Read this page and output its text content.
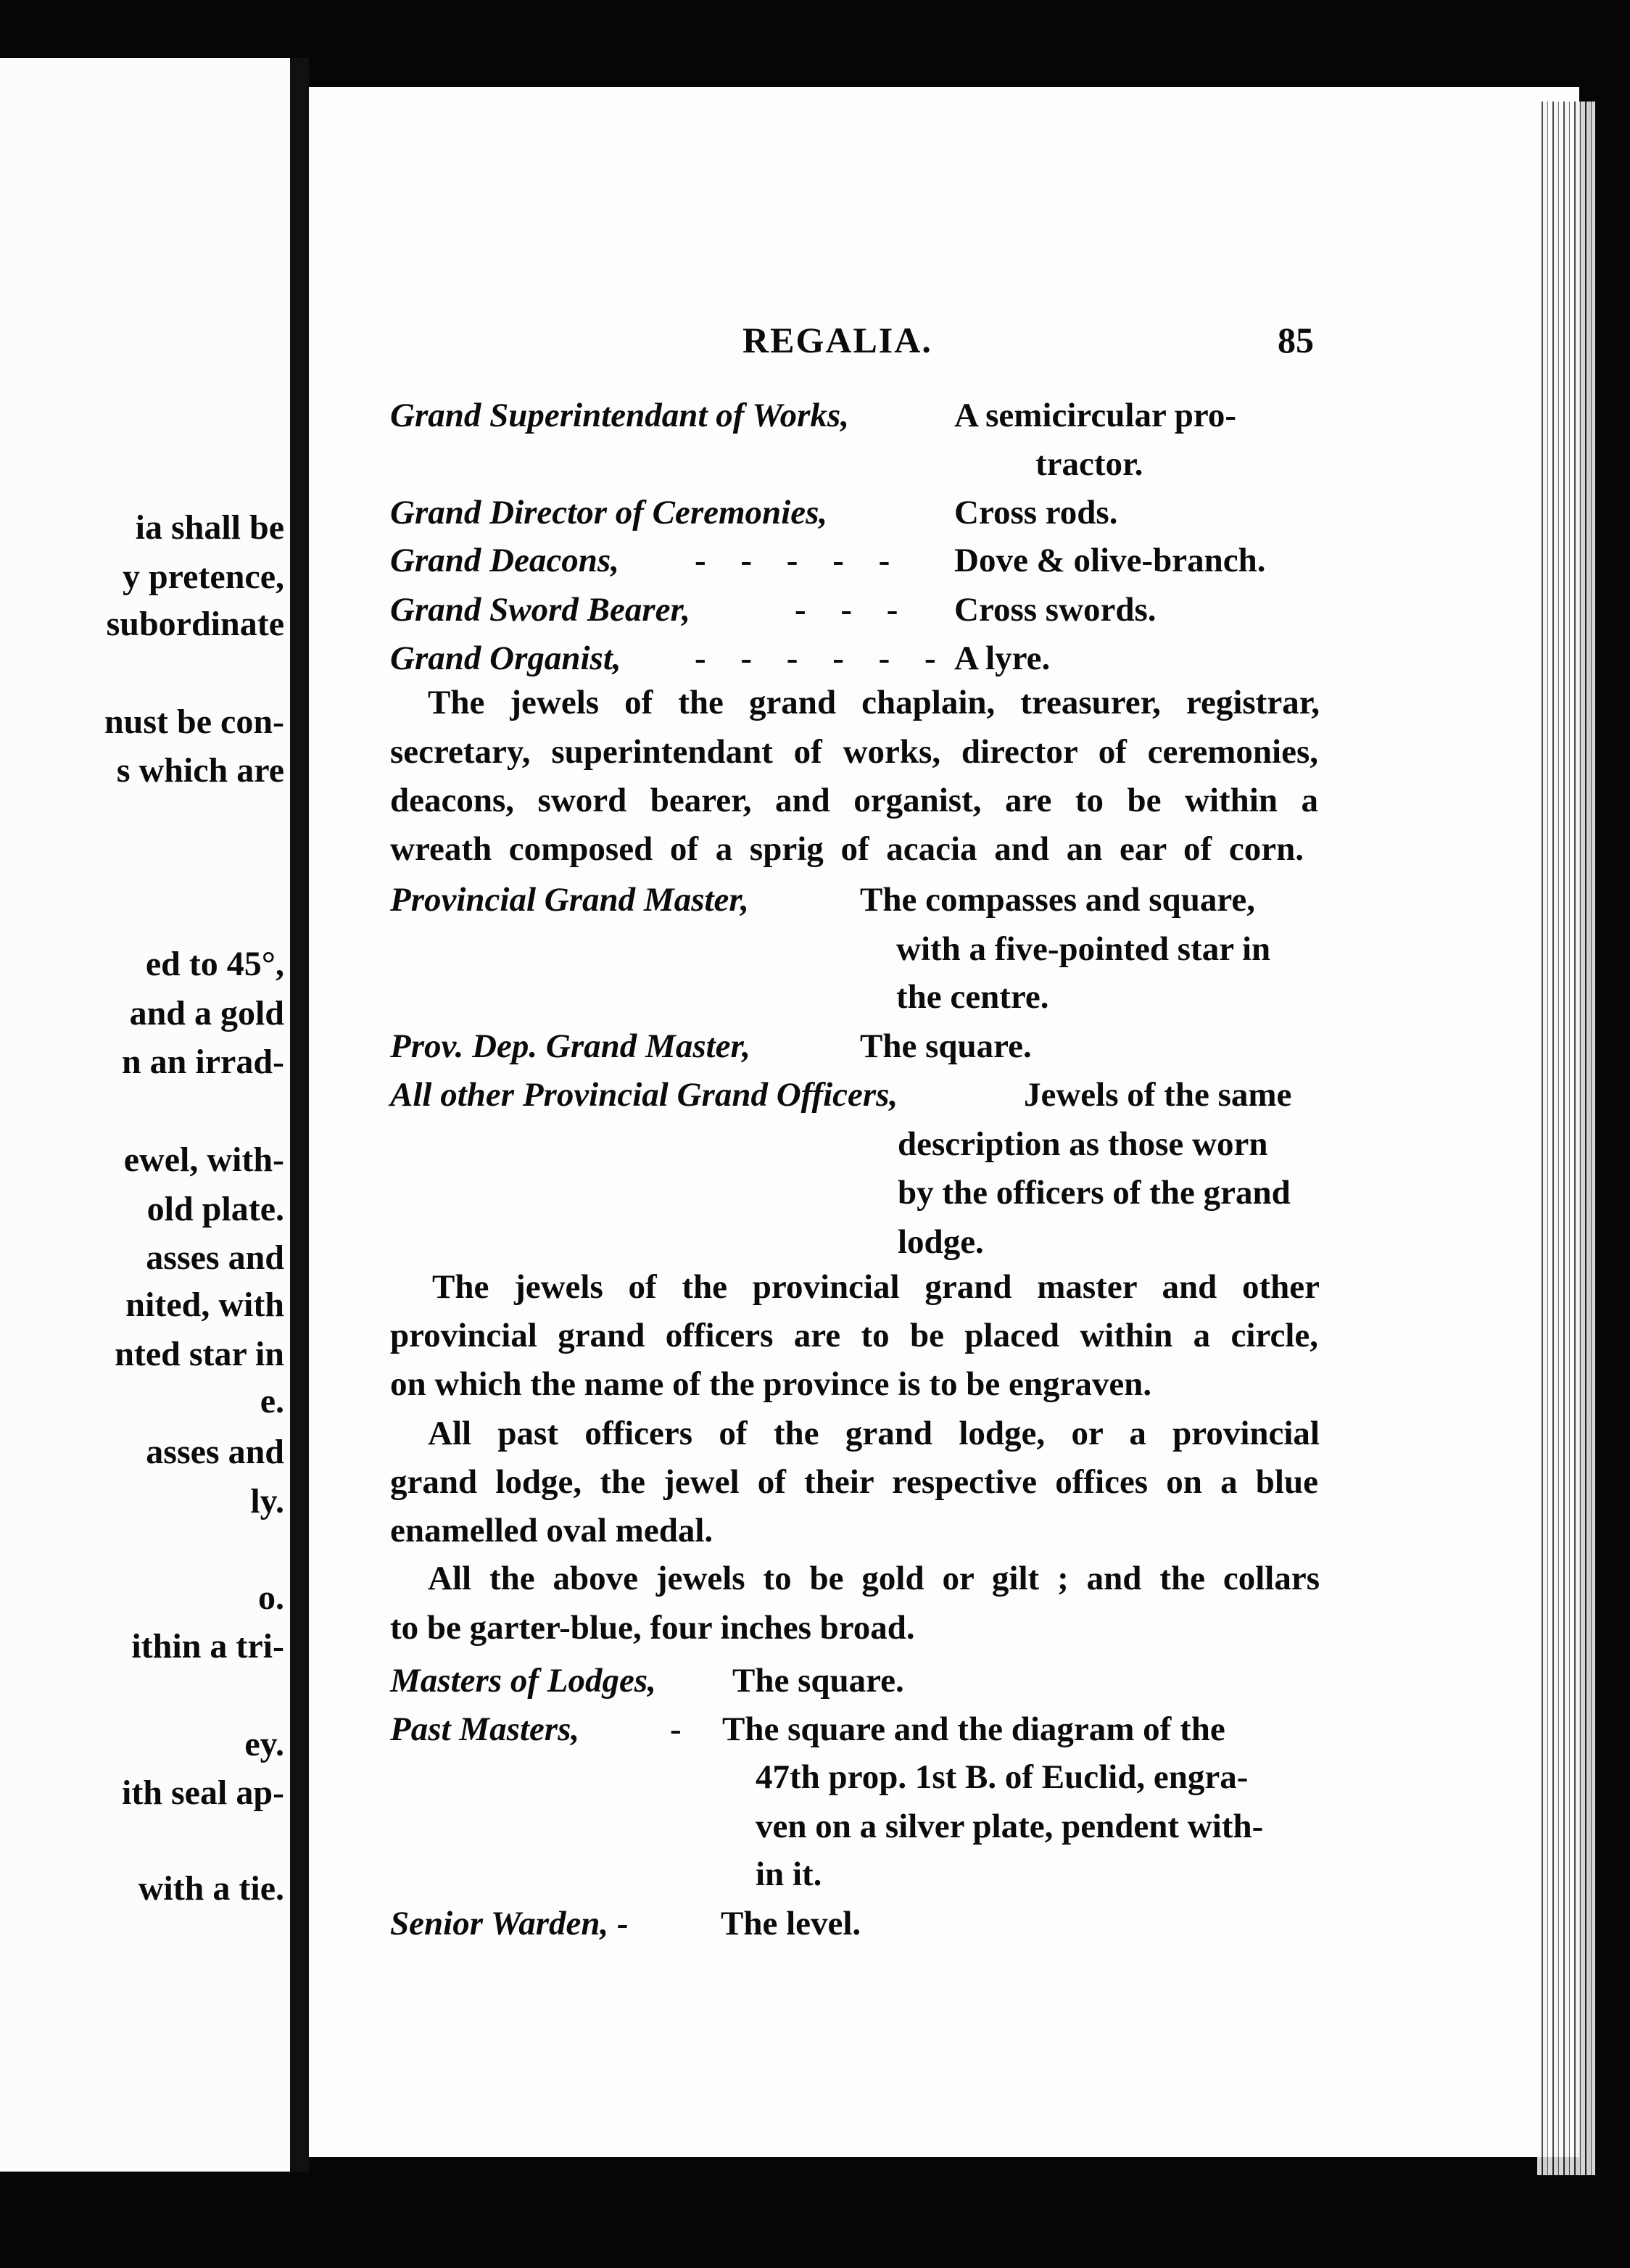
ia shall be
y pretence,
subordinate
nust be con-
s which are
ed to 45°,
and a gold
n an irrad-
ewel, with-
old plate.
asses and
nited, with
nted star in
e.
asses and
ly.
o.
ithin a tri-
ey.
ith seal ap-
with a tie.
REGALIA.	85
Grand Superintendant of Works,	A semicircular pro-
tractor.
Grand Director of Ceremonies,	Cross rods.
Grand Deacons, - - - - - Dove & olive-branch.
Grand Sword Bearer,	- - - Cross swords.
Grand Organist, - - - - - - A lyre.
The jewels of the grand chaplain, treasurer, registrar,
secretary, superintendant of works, director of ceremonies,
deacons, sword bearer, and organist, are to be within a
wreath composed of a sprig of acacia and an ear of corn.
Provincial Grand Master,	The compasses and square,
with a five-pointed star in
the centre.
Prov. Dep. Grand Master,	The square.
All other Provincial Grand Officers,	Jewels of the same
description as those worn
by the officers of the grand
lodge.
The jewels of the provincial grand master and other
provincial grand officers are to be placed within a circle,
on which the name of the province is to be engraven.
All past officers of the grand lodge, or a provincial
grand lodge, the jewel of their respective offices on a blue
enamelled oval medal.
All the above jewels to be gold or gilt ; and the collars
to be garter-blue, four inches broad.
Masters of Lodges, The square.
Past Masters,	- The square and the diagram of the
47th prop. 1st B. of Euclid, engra-
ven on a silver plate, pendent with-
in it.
Senior Warden, -	The level.
